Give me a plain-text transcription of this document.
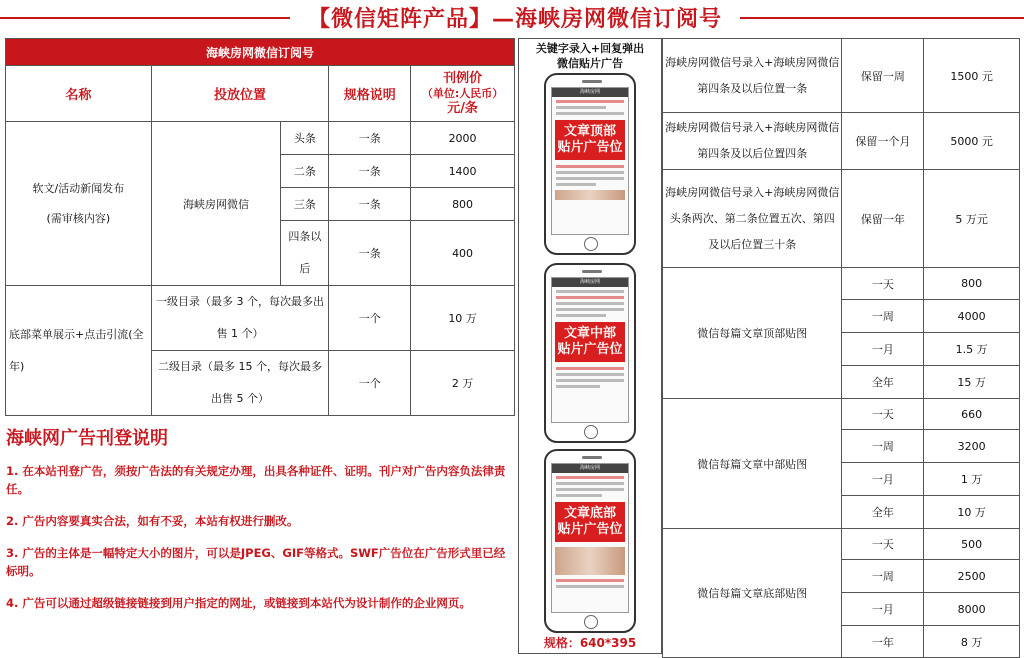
【微信矩阵产品】—海峡房网微信订阅号
海峡房网微信订阅号				
名称	投放位置		规格说明	刊例价
（单位:人民币）
元/条

软文/活动新闻发布
(需审核内容)	海峡房网微信	头条	一条	2000
		二条	一条	1400
		三条	一条	800
		四条以后	一条	400
底部菜单展示+点击引流(全年)	一级目录（最多 3 个，每次最多出售 1 个）		一个	10 万
	二级目录（最多 15 个，每次最多出售 5 个）		一个	2 万
海峡网广告刊登说明

1. 在本站刊登广告，须按广告法的有关规定办理，出具各种证件、证明。刊户对广告内容负法律责任。

2. 广告内容要真实合法，如有不妥，本站有权进行删改。

3. 广告的主体是一幅特定大小的图片，可以是JPEG、GIF等格式。SWF广告位在广告形式里已经标明。

4. 广告可以通过超级链接链接到用户指定的网址，或链接到本站代为设计制作的企业网页。

关键字录入+回复弹出
微信贴片广告
海峡房网
文章顶部
贴片广告位
海峡房网
文章中部
贴片广告位
海峡房网
文章底部
贴片广告位
规格：640*395
海峡房网微信号录入+海峡房网微信第四条及以后位置一条	保留一周	1500 元
海峡房网微信号录入+海峡房网微信第四条及以后位置四条	保留一个月	5000 元
海峡房网微信号录入+海峡房网微信头条两次、第二条位置五次、第四及以后位置三十条	保留一年	5 万元
微信每篇文章顶部贴图	一天	800
	一周	4000
	一月	1.5 万
	全年	15 万
微信每篇文章中部贴图	一天	660
	一周	3200
	一月	1 万
	全年	10 万
微信每篇文章底部贴图	一天	500
	一周	2500
	一月	8000
	一年	8 万
